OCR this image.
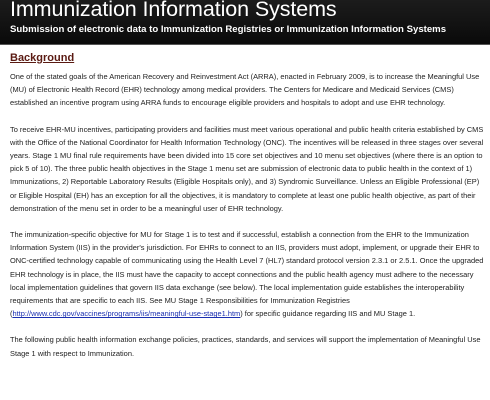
Immunization Information Systems
Submission of electronic data to Immunization Registries or Immunization Information Systems
Background

One of the stated goals of the American Recovery and Reinvestment Act (ARRA), enacted in February 2009, is to increase the Meaningful Use (MU) of Electronic Health Record (EHR) technology among medical providers. The Centers for Medicare and Medicaid Services (CMS) established an incentive program using ARRA funds to encourage eligible providers and hospitals to adopt and use EHR technology.

To receive EHR-MU incentives, participating providers and facilities must meet various operational and public health criteria established by CMS with the Office of the National Coordinator for Health Information Technology (ONC). The incentives will be released in three stages over several years. Stage 1 MU final rule requirements have been divided into 15 core set objectives and 10 menu set objectives (where there is an option to pick 5 of 10). The three public health objectives in the Stage 1 menu set are submission of electronic data to public health in the context of 1) Immunizations, 2) Reportable Laboratory Results (Eligible Hospitals only), and 3) Syndromic Surveillance. Unless an Eligible Professional (EP) or Eligible Hospital (EH) has an exception for all the objectives, it is mandatory to complete at least one public health objective, as part of their demonstration of the menu set in order to be a meaningful user of EHR technology.

The immunization-specific objective for MU for Stage 1 is to test and if successful, establish a connection from the EHR to the Immunization Information System (IIS) in the provider's jurisdiction. For EHRs to connect to an IIS, providers must adopt, implement, or upgrade their EHR to ONC-certified technology capable of communicating using the Health Level 7 (HL7) standard protocol version 2.3.1 or 2.5.1. Once the upgraded EHR technology is in place, the IIS must have the capacity to accept connections and the public health agency must adhere to the necessary local implementation guidelines that govern IIS data exchange (see below). The local implementation guide establishes the interoperability requirements that are specific to each IIS. See MU Stage 1 Responsibilities for Immunization Registries (http://www.cdc.gov/vaccines/programs/iis/meaningful-use-stage1.htm) for specific guidance regarding IIS and MU Stage 1.

The following public health information exchange policies, practices, standards, and services will support the implementation of Meaningful Use Stage 1 with respect to Immunization.
